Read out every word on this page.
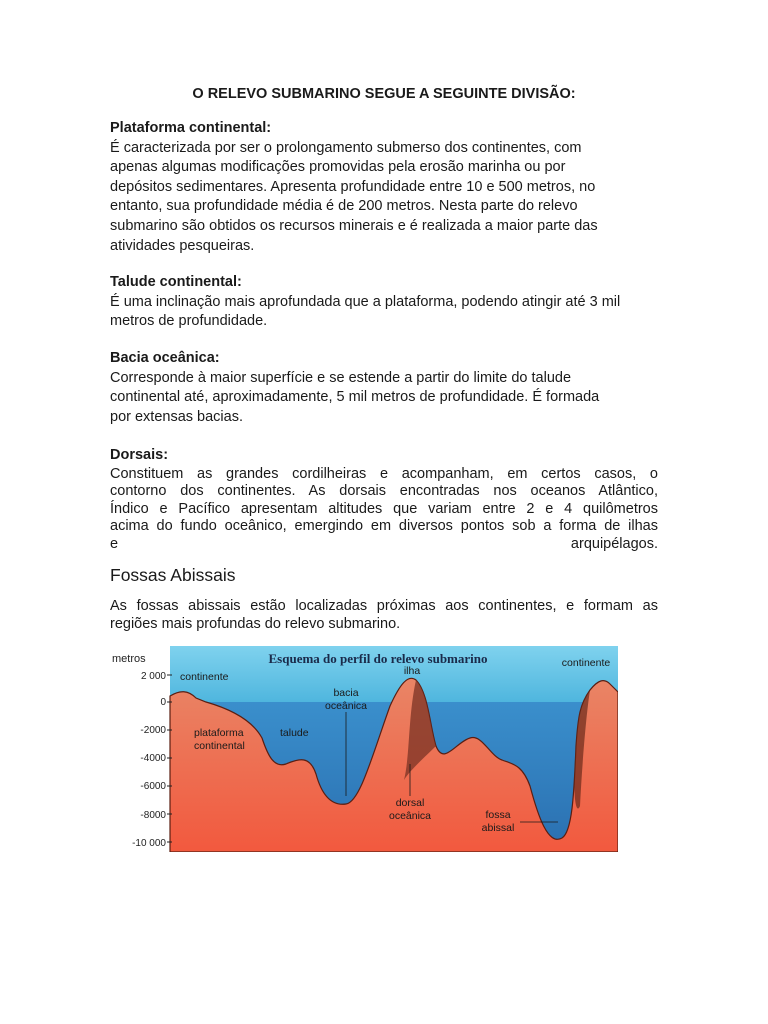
O RELEVO SUBMARINO SEGUE A SEGUINTE DIVISÃO:
Plataforma continental:

É caracterizada por ser o prolongamento submerso dos continentes, com

apenas algumas modificações promovidas pela erosão marinha ou por

depósitos sedimentares. Apresenta profundidade entre 10 e 500 metros, no

entanto, sua profundidade média é de 200 metros. Nesta parte do relevo

submarino são obtidos os recursos minerais e é realizada a maior parte das

atividades pesqueiras.

Talude continental:

É uma inclinação mais aprofundada que a plataforma, podendo atingir até 3 mil

metros de profundidade.

Bacia oceânica:

Corresponde à maior superfície e se estende a partir do limite do talude

continental até, aproximadamente, 5 mil metros de profundidade. É formada

por extensas bacias.

Dorsais:

Constituem as grandes cordilheiras e acompanham, em certos casos, o

contorno dos continentes. As dorsais encontradas nos oceanos Atlântico,

Índico e Pacífico apresentam altitudes que variam entre 2 e 4 quilômetros

acima do fundo oceânico, emergindo em diversos pontos sob a forma de ilhas

e arquipélagos.

Fossas Abissais

As fossas abissais estão localizadas próximas aos continentes, e formam as

regiões mais profundas do relevo submarino.

metros
2 000
0
-2000
-4000
-6000
-8000
-10 000
Esquema do perfil do relevo submarino
continente
continente
ilha
bacia
oceânica
plataforma
continental
talude
dorsal
oceânica	fossa
abissal
